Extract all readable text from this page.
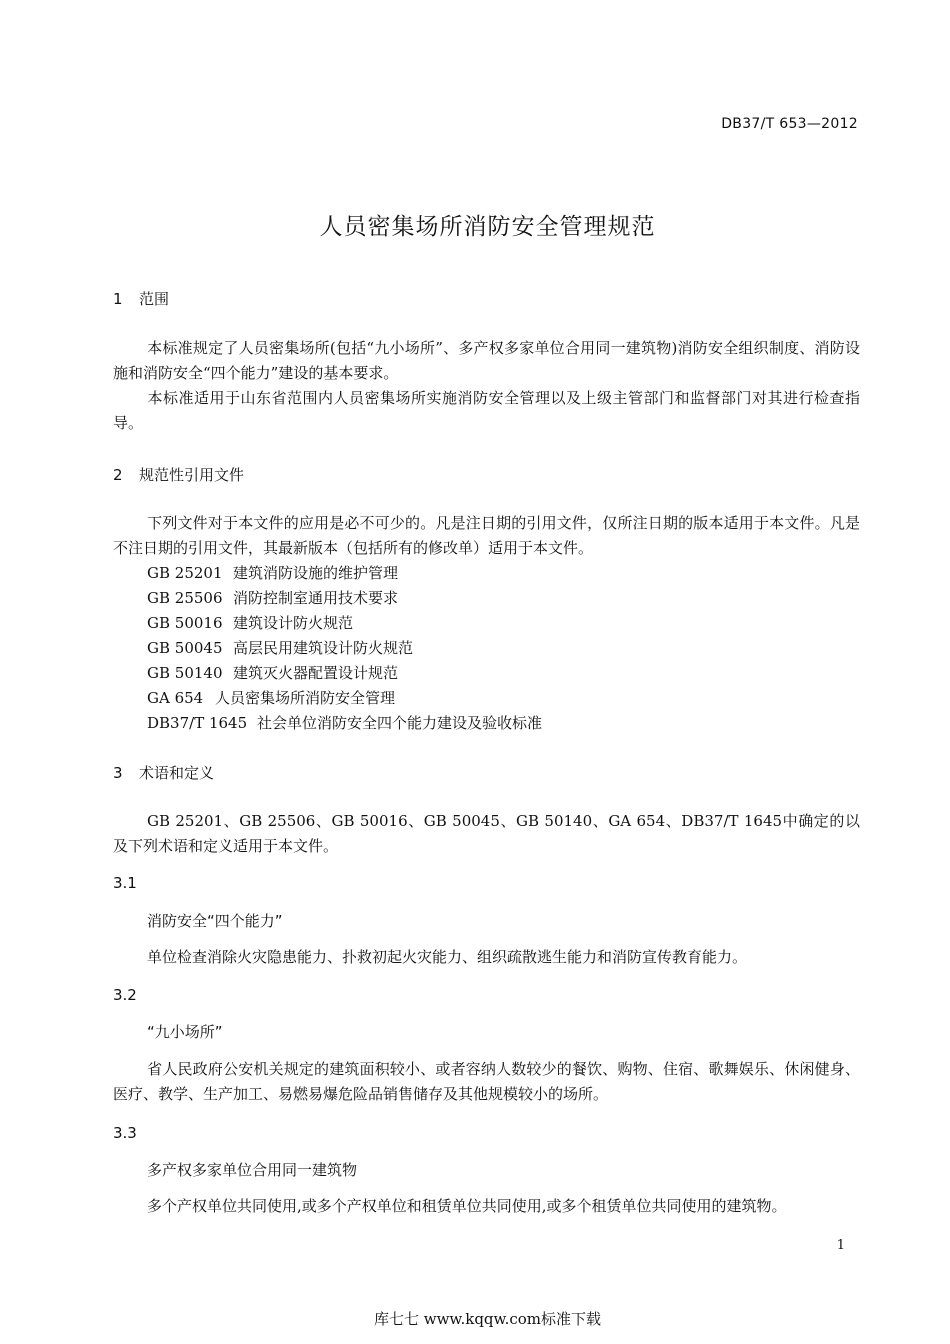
DB37/T 653—2012
人员密集场所消防安全管理规范
1 范围
本标准规定了人员密集场所(包括“九小场所”、多产权多家单位合用同一建筑物)消防安全组织制度、消防设施和消防安全“四个能力”建设的基本要求。
本标准适用于山东省范围内人员密集场所实施消防安全管理以及上级主管部门和监督部门对其进行检查指导。
2 规范性引用文件
下列文件对于本文件的应用是必不可少的。凡是注日期的引用文件，仅所注日期的版本适用于本文件。凡是不注日期的引用文件，其最新版本（包括所有的修改单）适用于本文件。
GB 25201 建筑消防设施的维护管理
GB 25506 消防控制室通用技术要求
GB 50016 建筑设计防火规范
GB 50045 高层民用建筑设计防火规范
GB 50140 建筑灭火器配置设计规范
GA 654 人员密集场所消防安全管理
DB37/T 1645 社会单位消防安全四个能力建设及验收标准
3 术语和定义
GB 25201、GB 25506、GB 50016、GB 50045、GB 50140、GA 654、DB37/T 1645中确定的以及下列术语和定义适用于本文件。
3.1
消防安全“四个能力”
单位检查消除火灾隐患能力、扑救初起火灾能力、组织疏散逃生能力和消防宣传教育能力。
3.2
“九小场所”
省人民政府公安机关规定的建筑面积较小、或者容纳人数较少的餐饮、购物、住宿、歌舞娱乐、休闲健身、医疗、教学、生产加工、易燃易爆危险品销售储存及其他规模较小的场所。
3.3
多产权多家单位合用同一建筑物
多个产权单位共同使用,或多个产权单位和租赁单位共同使用,或多个租赁单位共同使用的建筑物。
1
库七七 www.kqqw.com标准下载
